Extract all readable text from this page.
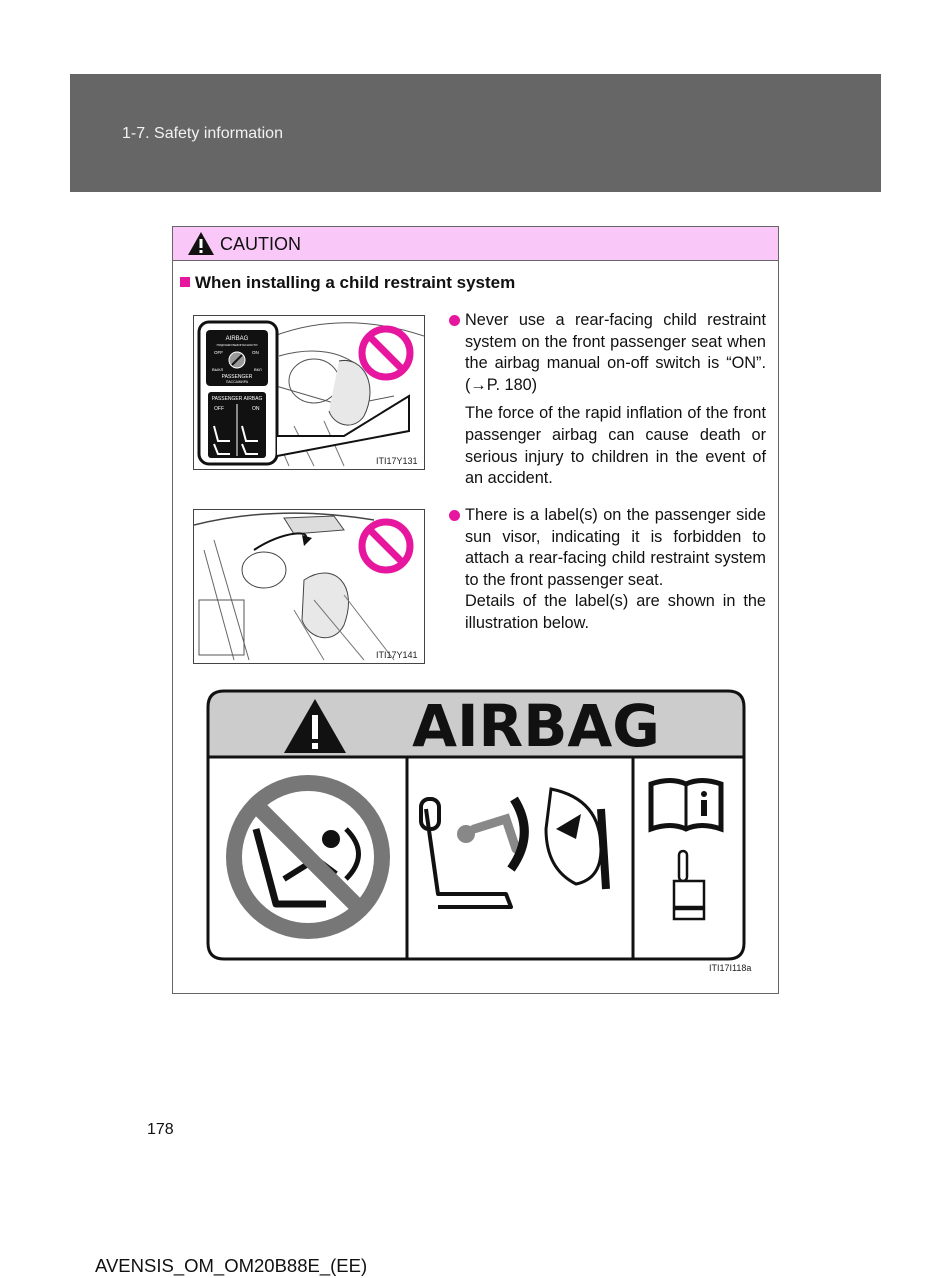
1-7. Safety information
CAUTION
When installing a child restraint system
AIRBAG
ПОДУШКИ БЕЗОПАСНОСТИ
OFF	ON
ВЫКЛ	ВКЛ
PASSENGER
ПАССАЖИРА
PASSENGER AIRBAG
OFF	ON
ITI17Y131
Never use a rear-facing child restraint system on the front passenger seat when the airbag manual on-off switch is “ON”. (→P. 180)
The force of the rapid inflation of the front passenger airbag can cause death or serious injury to children in the event of an accident.
ITI17Y141
There is a label(s) on the passenger side sun visor, indicating it is forbidden to attach a rear-facing child restraint system to the front passenger seat.
Details of the label(s) are shown in the illustration below.
AIRBAG
ITI17I118a
178
AVENSIS_OM_OM20B88E_(EE)
